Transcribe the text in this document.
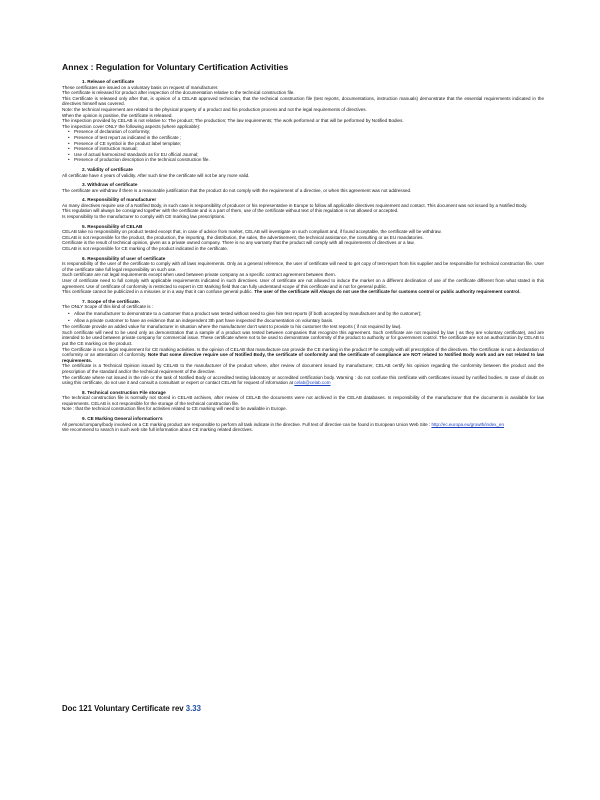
Annex : Regulation for Voluntary Certification Activities
1. Release of certificate

These certificates are issued on a voluntary basis on request of manufacturer.

The certificate is released for product after inspection of the documentation relative to the technical construction file.

This Certificate is released only after that, is opinion of a CELAB approved technician, that the technical construction file (test reports, documentations, instruction manuals) demonstrate that the essential requirements indicated in the directives himself was covered.

Note: the technical requirement are related to the physical property of a product and his production process and not the legal requirements of directives.

When the opinion is positive, the certificate is released.

The inspection provided by CELAB is not relative to: The product; The production; The law requirements; The work performed or that will be performed by Notified Bodies.

The inspection cover ONLY the following aspects (where applicable):

• Presence of declaration of conformity;
• Presence of test report as indicated in the certificate ;
• Presence of CE symbol in the product label template;
• Presence of instruction manual;
• Use of actual harmonized standards as for EU official Journal;
• Presence of production description in the technical construction file.
2. Validity of certificate

All certificate have 4 years of validity. After such time the certificate will not be any more valid.

3. Withdraw of certificate

The certificate are withdraw if there is a reasonable justification that the product do not comply with the requirement of a directive, or when this agreement was not addressed.

4. Responsibility of manufacturer

As many directives require use of a Notified Body, in such case is responsibility of producer or his representative in Europe to follow all applicable directives requirement and contact. This document was not issued by a Notified Body.

This regulation will always be consigned together with the certificate and is a part of them, use of the certificate without text of this regulation is not allowed or accepted.

Is responsibility to the manufacturer to comply with CE marking law prescriptions.

5. Responsibility of CELAB

CELAB take no responsibility on product tested except that, in case of advice from market, CELAB will investigate on such compliant and, if found acceptable, the certificate will be withdraw.

CELAB is not responsible for the product, the production, the importing, the distribution, the sales, the advertisement, the technical assistance, the consulting or as EU mandatories.

Certificate is the result of technical opinion, given as a private owned company. There is no any warranty that the product will comply with all requirements of directives or a law.

CELAB is not responsible for CE marking of the product indicated in the certificate.

6. Responsibility of user of certificate

Is responsibility of the user of the certificate to comply with all laws requirements. Only as a general reference, the user of certificate will need to get copy of test-report from his supplier and be responsible for technical construction file. User of the certificate take full legal responsibility on such use.

Such certificate are not legal requirements except when used between private company as a specific contract agreement between them.

User of certificate need to full comply with applicable requirements indicated in such directives. User of certificate are not allowed to induce the market on a different declination of use of the certificate different from what stated in this agreement. Use of certificate of conformity is restricted to expert in CE Marking field that can fully understand scope of this certificate and is not for general public.

This certificate cannot be publicized in a misuses or in a way that it can confuse general public. The user of the certificate will Always do not use the certificate for customs control or public authority requirement control.

7. Scope of the certificate.

The ONLY Scope of this kind of certificate is :

• Allow the manufacturer to demonstrate to a customer that a product was tested without need to give him test reports (if both accepted by manufacturer and by the customer);
• Allow a private customer to have an evidence that an independent 3th part have inspected the documentation on voluntary basis.

The certificate provide an added value for manufacturer in situation where the manufacturer don't want to provide to his customer the test reports ( if not required by law).

Such certificate will need to be used only as demonstration that a sample of a product was tested between companies that recognize this agreement. Such certificate are not required by law ( as they are voluntary certificate), and are intended to be used between private company for commercial issue. These certificate where not to be used to demonstrate conformity of the product to authority or for government control. The certificate are not an authorization by CELAB to put the CE marking on the product.

The Certificate is not a legal requirement for CE marking activities. Is the opinion of CELAB that manufacture can provide the CE marking in the product IF he comply with all prescription of the directives. The Certificate is not a declaration of conformity or an attestation of conformity. Note that some directive require use of Notified Body, the certificate of conformity and the certificate of compliance are NOT related to Notified Body work and are not related to law requirements.

The certificate is a Technical Opinion issued by CELAB to the manufacturer of the product where, after review of document issued by manufacturer, CELAB certify his opinion regarding the conformity between the product and the prescription of the standard and/or the technical requirement of the directive.

The certificate where not issued in the role or the task of Notified Body or accredited testing laboratory or accredited certification body. Warning : do not confuse this certificate with certificates issued by notified bodies. In case of doubt on using this certificate, do not use it and consult a consultant or expert or contact CELAB for request of information at celab@celab.com

8. Technical construction File storage

The technical construction file is normally not stored in CELAB archives, after review of CELAB the documents were not archived in the CELAB databases. Is responsibility of the manufacturer that the documents is available for law requirements. CELAB is not responsible for the storage of the technical construction file.

Note : that the technical construction files for activities related to CE marking will need to be available in Europe.

9. CE Marking General information's

All person/company/body involved on a CE marking product are responsible to perform all task indicate in the directive. Full text of directive can be found in European Union Web Site : http://ec.europa.eu/growth/index_en

We recommend to search in such web site full information about CE marking related directives.

Doc 121 Voluntary Certificate rev 3.33
